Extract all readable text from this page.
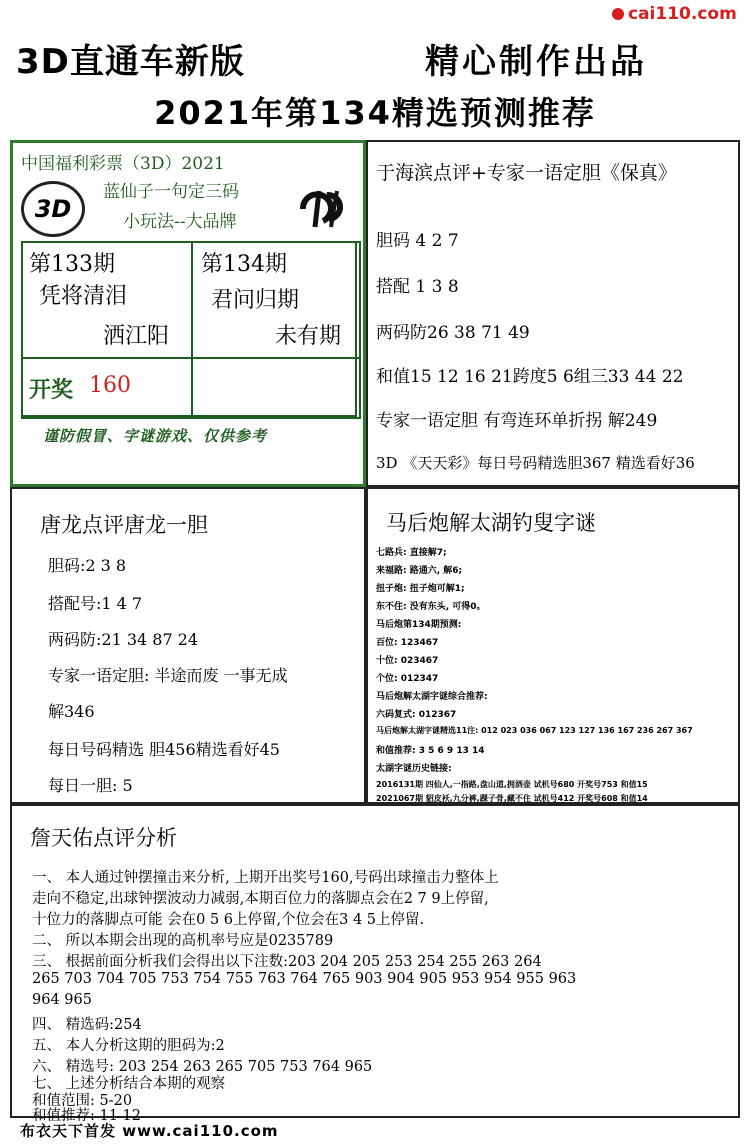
cai110.com
3D直通车新版	精心制作出品
2021年第134精选预测推荐
中国福利彩票（3D）2021
3D
蓝仙子一句定三码
小玩法--大品牌
第133期
凭将清泪
洒江阳
第134期
君问归期
未有期
开奖 160
谨防假冒、字谜游戏、仅供参考
于海滨点评+专家一语定胆《保真》
胆码 4 2 7
搭配 1 3 8
两码防26 38 71 49
和值15 12 16 21跨度5 6组三33 44 22
专家一语定胆 有弯连环单折拐 解249
3D 《天天彩》每日号码精选胆367 精选看好36
唐龙点评唐龙一胆
胆码:2 3 8
搭配号:1 4 7
两码防:21 34 87 24
专家一语定胆: 半途而废 一事无成
解346
每日号码精选 胆456精选看好45
每日一胆: 5
马后炮解太湖钓叟字谜
七路兵: 直接解7;
来福路: 路通六, 解6;
扭子炮: 扭子炮可解1;
东不住: 没有东头, 可得0。
马后炮第134期预测:
百位: 123467
十位: 023467
个位: 012347
马后炮解太湖字谜综合推荐:
六码复式: 012367
马后炮解太湖字谜精选11注: 012 023 036 067 123 127 136 167 236 267 367
和值推荐: 3 5 6 9 13 14
太湖字谜历史链接:
2016131期 四仙人,一指路,盘山道,拥酒壶 试机号680 开奖号753 和值15
2021067期 貂皮袄,九分裤,踝子骨,藏不住 试机号412 开奖号608 和值14
詹天佑点评分析
一、 本人通过钟摆撞击来分析, 上期开出奖号160,号码出球撞击力整体上
走向不稳定,出球钟摆波动力减弱,本期百位力的落脚点会在2 7 9上停留,
十位力的落脚点可能 会在0 5 6上停留,个位会在3 4 5上停留.
二、 所以本期会出现的高机率号应是0235789
三、 根据前面分析我们会得出以下注数:203 204 205 253 254 255 263 264
265 703 704 705 753 754 755 763 764 765 903 904 905 953 954 955 963
964 965
四、 精选码:254
五、 本人分析这期的胆码为:2
六、 精选号: 203 254 263 265 705 753 764 965
七、 上述分析结合本期的观察
和值范围: 5-20
和值推荐: 11 12
布衣天下首发 www.cai110.com
